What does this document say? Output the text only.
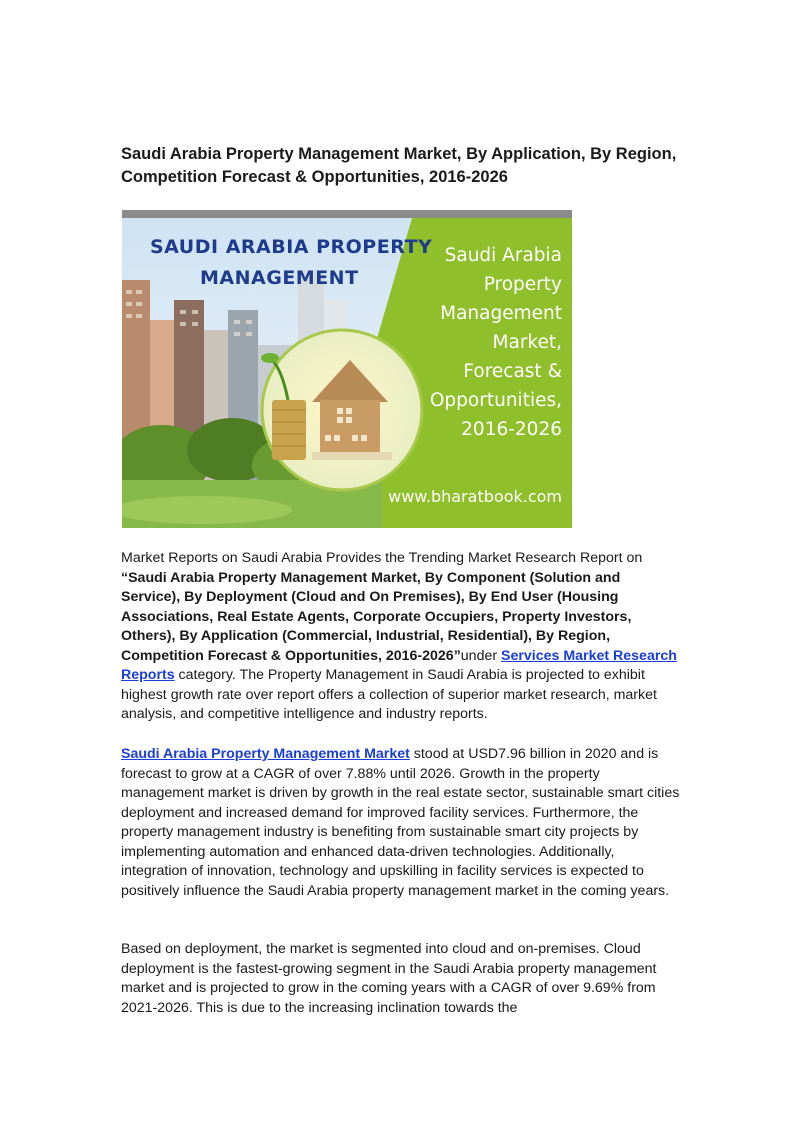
Saudi Arabia Property Management Market, By Application, By Region, Competition Forecast & Opportunities, 2016-2026
SAUDI ARABIA PROPERTY
MANAGEMENT
Saudi Arabia
Property
Management
Market,
Forecast &
Opportunities,
2016-2026
www.bharatbook.com
Market Reports on Saudi Arabia Provides the Trending Market Research Report on “Saudi Arabia Property Management Market, By Component (Solution and Service), By Deployment (Cloud and On Premises), By End User (Housing Associations, Real Estate Agents, Corporate Occupiers, Property Investors, Others), By Application (Commercial, Industrial, Residential), By Region, Competition Forecast & Opportunities, 2016-2026”under Services Market Research Reports category. The Property Management in Saudi Arabia is projected to exhibit highest growth rate over report offers a collection of superior market research, market analysis, and competitive intelligence and industry reports.
Saudi Arabia Property Management Market stood at USD7.96 billion in 2020 and is forecast to grow at a CAGR of over 7.88% until 2026. Growth in the property management market is driven by growth in the real estate sector, sustainable smart cities deployment and increased demand for improved facility services. Furthermore, the property management industry is benefiting from sustainable smart city projects by implementing automation and enhanced data-driven technologies. Additionally, integration of innovation, technology and upskilling in facility services is expected to positively influence the Saudi Arabia property management market in the coming years.
Based on deployment, the market is segmented into cloud and on-premises. Cloud deployment is the fastest-growing segment in the Saudi Arabia property management market and is projected to grow in the coming years with a CAGR of over 9.69% from 2021-2026. This is due to the increasing inclination towards the
